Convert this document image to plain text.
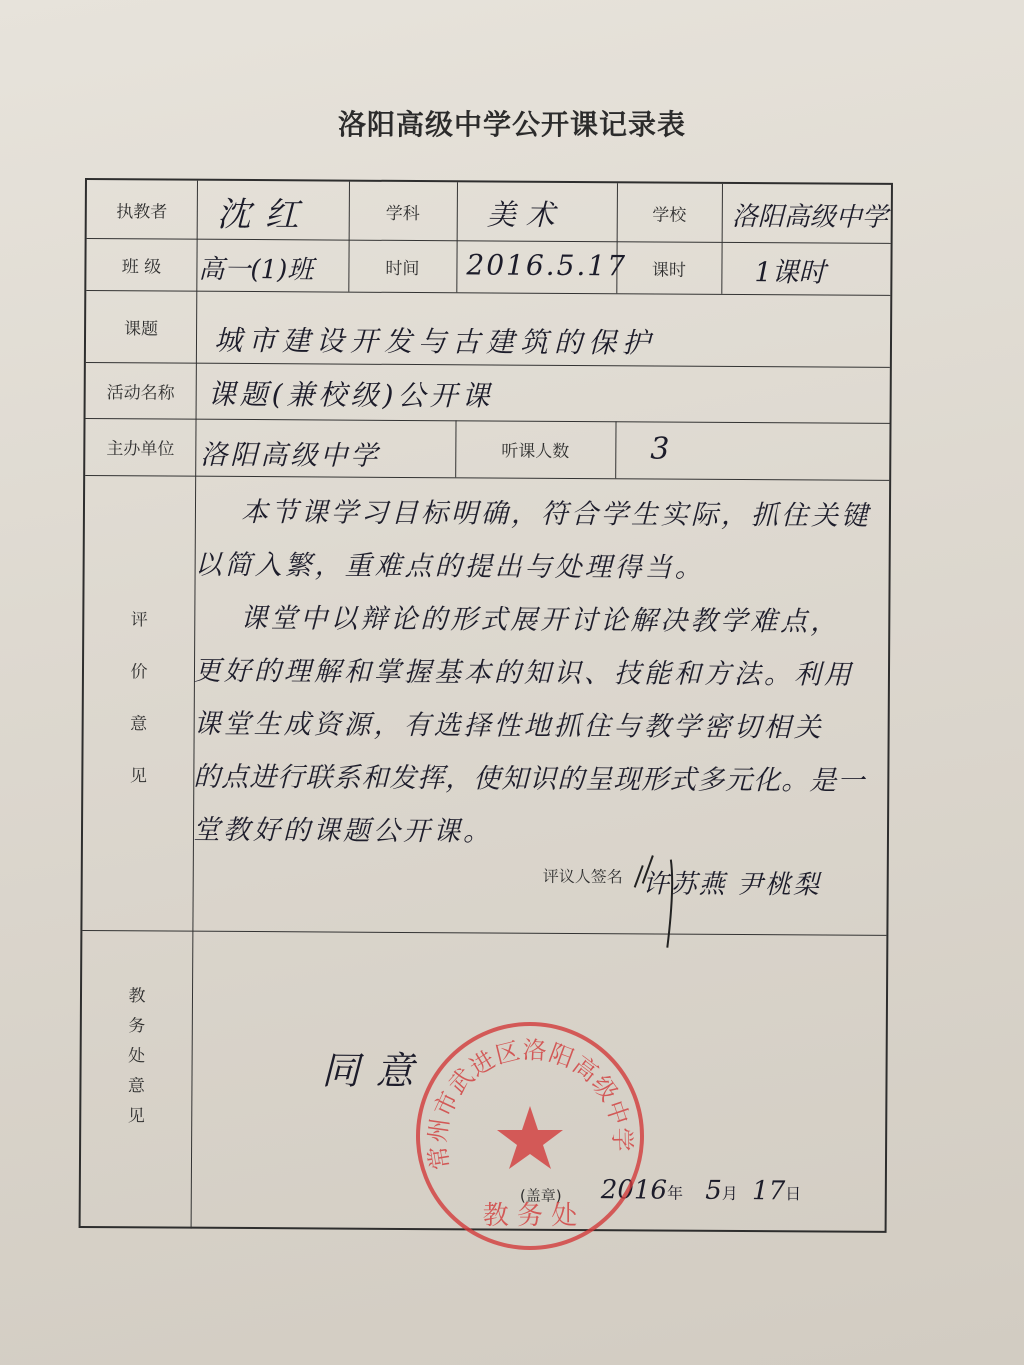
洛阳高级中学公开课记录表
执教者	沈红	学科	美术	学校	洛阳高级中学
班 级	高一(1)班	时间	2016.5.17	课时	1课时
课题	城市建设开发与古建筑的保护
活动名称	课题(兼校级)公开课
主办单位 洛阳高级中学	听课人数	3
评
价
意
见
本节课学习目标明确，符合学生实际，抓住关键
以简入繁，重难点的提出与处理得当。
课堂中以辩论的形式展开讨论解决教学难点，
更好的理解和掌握基本的知识、技能和方法。利用
课堂生成资源，有选择性地抓住与教学密切相关
的点进行联系和发挥，使知识的呈现形式多元化。是一
堂教好的课题公开课。
评议人签名 许苏燕 尹桃梨
教
务
处
意
见
同意
(盖章)	2016年 5月 17日
常州市武进区洛阳高级中学
教 务 处
